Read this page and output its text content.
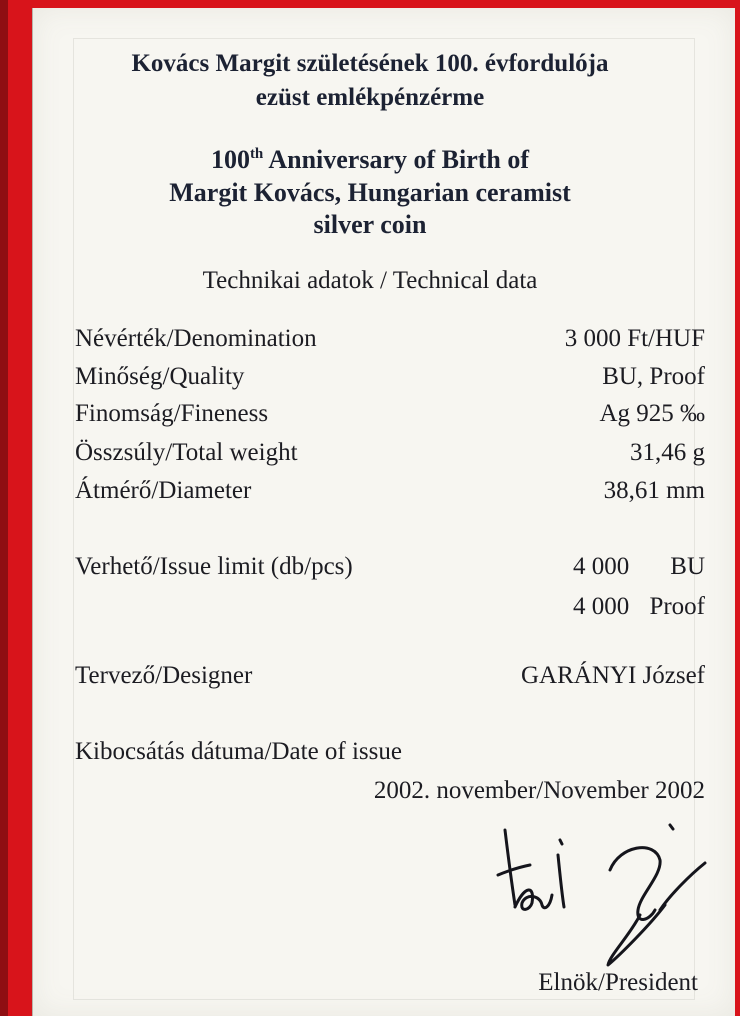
Kovács Margit születésének 100. évfordulója
ezüst emlékpénzérme
100th Anniversary of Birth of
Margit Kovács, Hungarian ceramist
silver coin
Technikai adatok / Technical data
Névérték/Denomination	3 000 Ft/HUF
Minőség/Quality	BU, Proof
Finomság/Fineness	Ag 925 ‰
Összsúly/Total weight	31,46 g
Átmérő/Diameter	38,61 mm
Verhető/Issue limit (db/pcs)	4 000 BU
4 000 Proof
Tervező/Designer	GARÁNYI József
Kibocsátás dátuma/Date of issue
2002. november/November 2002
Elnök/President
